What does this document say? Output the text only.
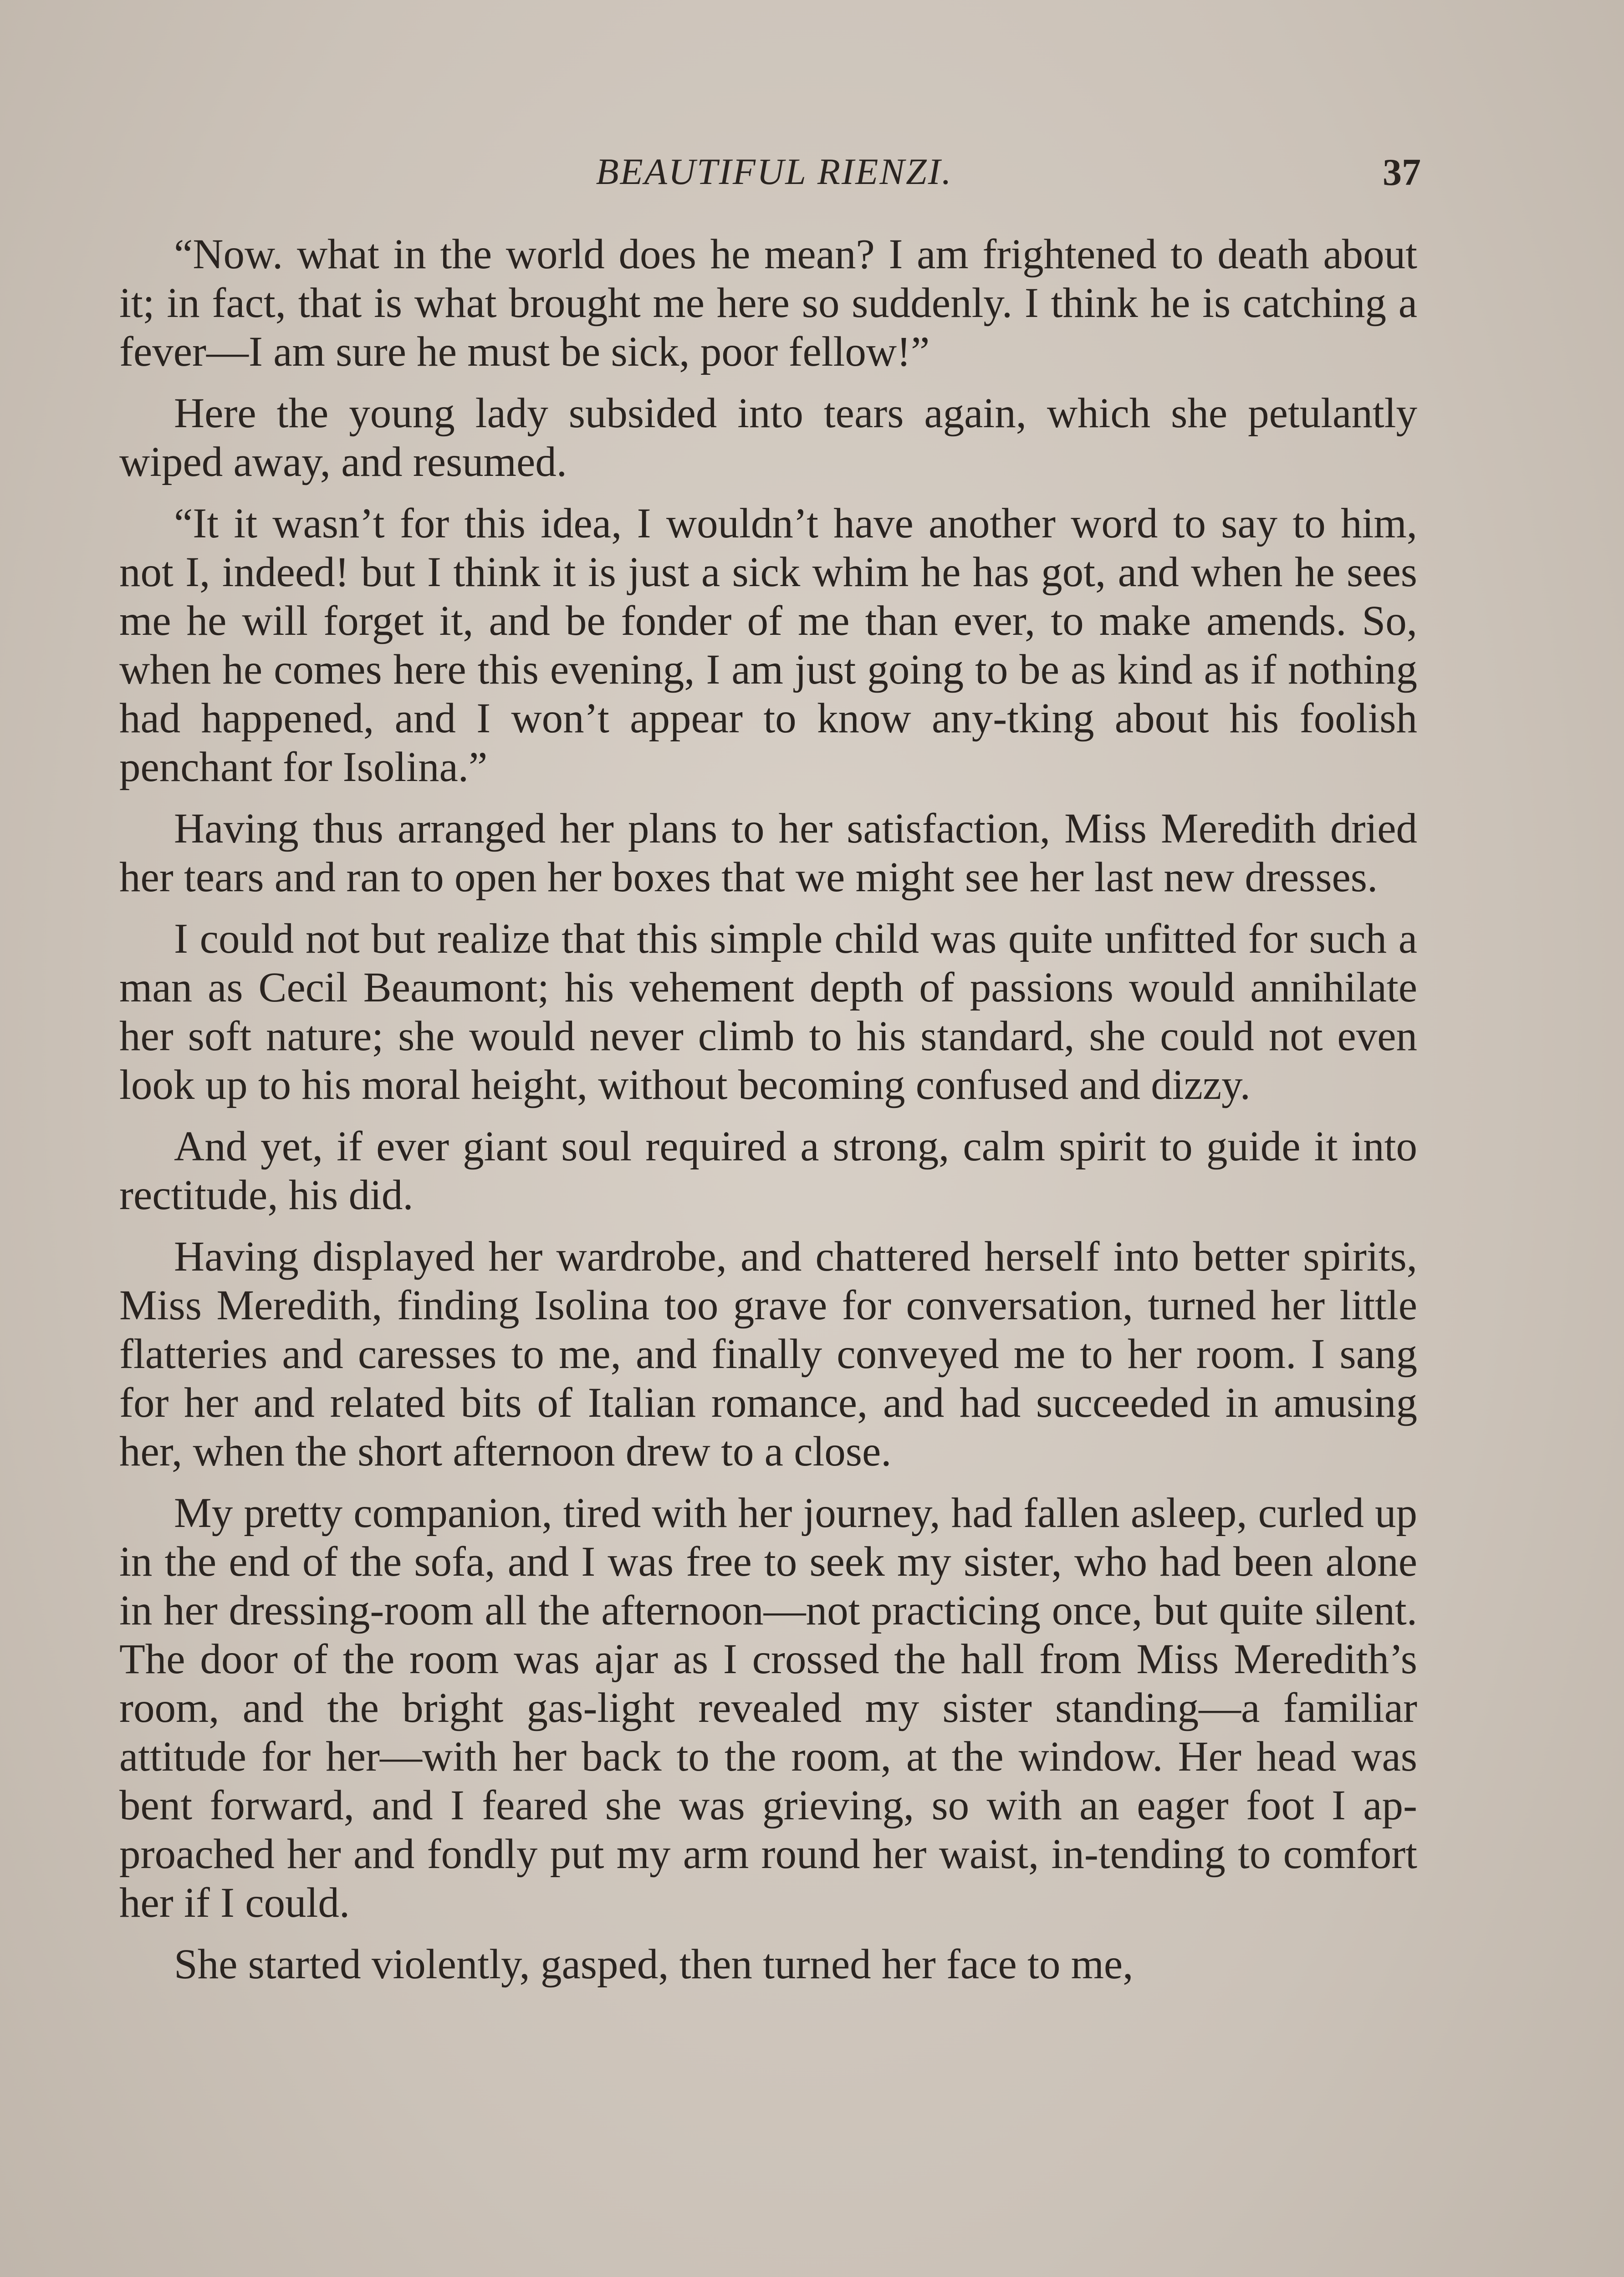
BEAUTIFUL RIENZI.	37

“Now. what in the world does he mean? I am frightened to death about it; in fact, that is what brought me here so suddenly. I think he is catching a fever—I am sure he must be sick, poor fellow!”

Here the young lady subsided into tears again, which she petulantly wiped away, and resumed.

“It it wasn’t for this idea, I wouldn’t have another word to say to him, not I, indeed! but I think it is just a sick whim he has got, and when he sees me he will forget it, and be fonder of me than ever, to make amends. So, when he comes here this evening, I am just going to be as kind as if nothing had happened, and I won’t appear to know any-tking about his foolish penchant for Isolina.”

Having thus arranged her plans to her satisfaction, Miss Meredith dried her tears and ran to open her boxes that we might see her last new dresses.

I could not but realize that this simple child was quite unfitted for such a man as Cecil Beaumont; his vehement depth of passions would annihilate her soft nature; she would never climb to his standard, she could not even look up to his moral height, without becoming confused and dizzy.

And yet, if ever giant soul required a strong, calm spirit to guide it into rectitude, his did.

Having displayed her wardrobe, and chattered herself into better spirits, Miss Meredith, finding Isolina too grave for conversation, turned her little flatteries and caresses to me, and finally conveyed me to her room. I sang for her and related bits of Italian romance, and had succeeded in amusing her, when the short afternoon drew to a close.

My pretty companion, tired with her journey, had fallen asleep, curled up in the end of the sofa, and I was free to seek my sister, who had been alone in her dressing-room all the afternoon—not practicing once, but quite silent. The door of the room was ajar as I crossed the hall from Miss Meredith’s room, and the bright gas-light revealed my sister standing—a familiar attitude for her—with her back to the room, at the window. Her head was bent forward, and I feared she was grieving, so with an eager foot I ap-proached her and fondly put my arm round her waist, in-tending to comfort her if I could.

She started violently, gasped, then turned her face to me,
